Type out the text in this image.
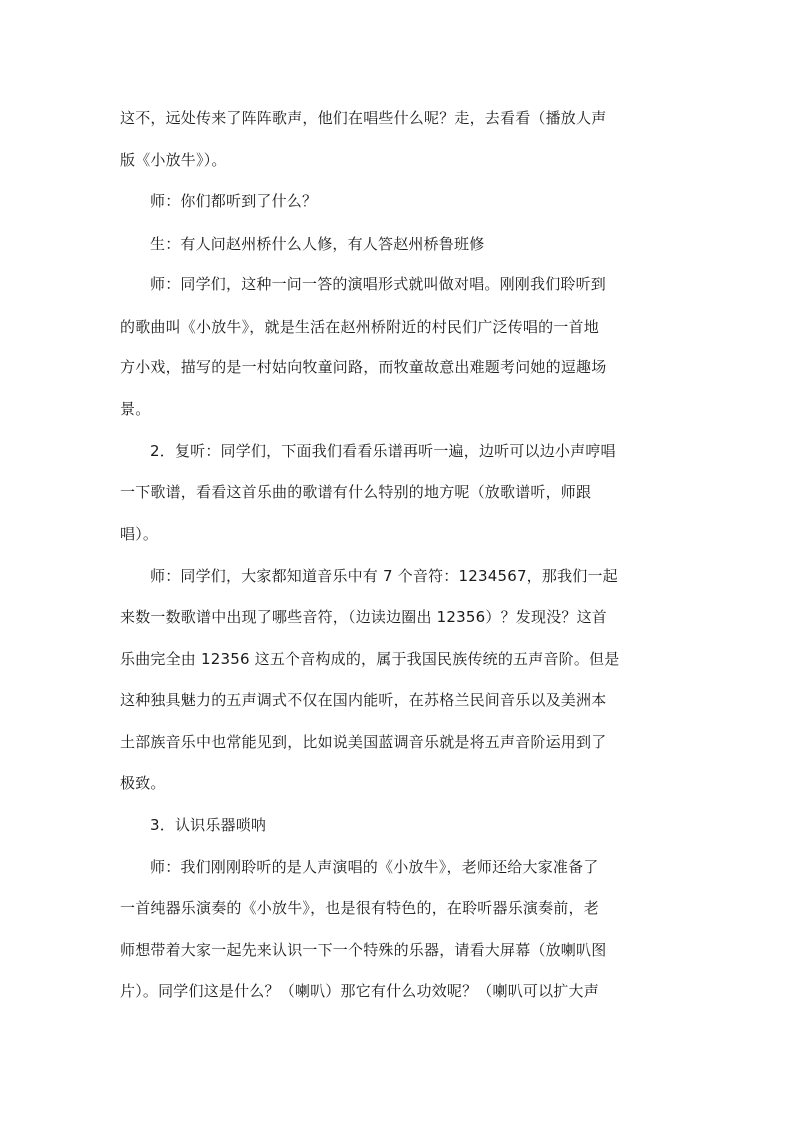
这不，远处传来了阵阵歌声，他们在唱些什么呢？走，去看看（播放人声
版《小放牛》）。
师：你们都听到了什么？
生：有人问赵州桥什么人修，有人答赵州桥鲁班修
师：同学们，这种一问一答的演唱形式就叫做对唱。刚刚我们聆听到
的歌曲叫《小放牛》，就是生活在赵州桥附近的村民们广泛传唱的一首地
方小戏，描写的是一村姑向牧童问路，而牧童故意出难题考问她的逗趣场
景。
2．复听：同学们，下面我们看看乐谱再听一遍，边听可以边小声哼唱
一下歌谱，看看这首乐曲的歌谱有什么特别的地方呢（放歌谱听，师跟
唱）。
师：同学们，大家都知道音乐中有 7 个音符：1234567，那我们一起
来数一数歌谱中出现了哪些音符，（边读边圈出 12356）？发现没？这首
乐曲完全由 12356 这五个音构成的，属于我国民族传统的五声音阶。但是
这种独具魅力的五声调式不仅在国内能听，在苏格兰民间音乐以及美洲本
土部族音乐中也常能见到，比如说美国蓝调音乐就是将五声音阶运用到了
极致。
3．认识乐器唢呐
师：我们刚刚聆听的是人声演唱的《小放牛》，老师还给大家准备了
一首纯器乐演奏的《小放牛》，也是很有特色的，在聆听器乐演奏前，老
师想带着大家一起先来认识一下一个特殊的乐器，请看大屏幕（放喇叭图
片）。同学们这是什么？（喇叭）那它有什么功效呢？（喇叭可以扩大声
